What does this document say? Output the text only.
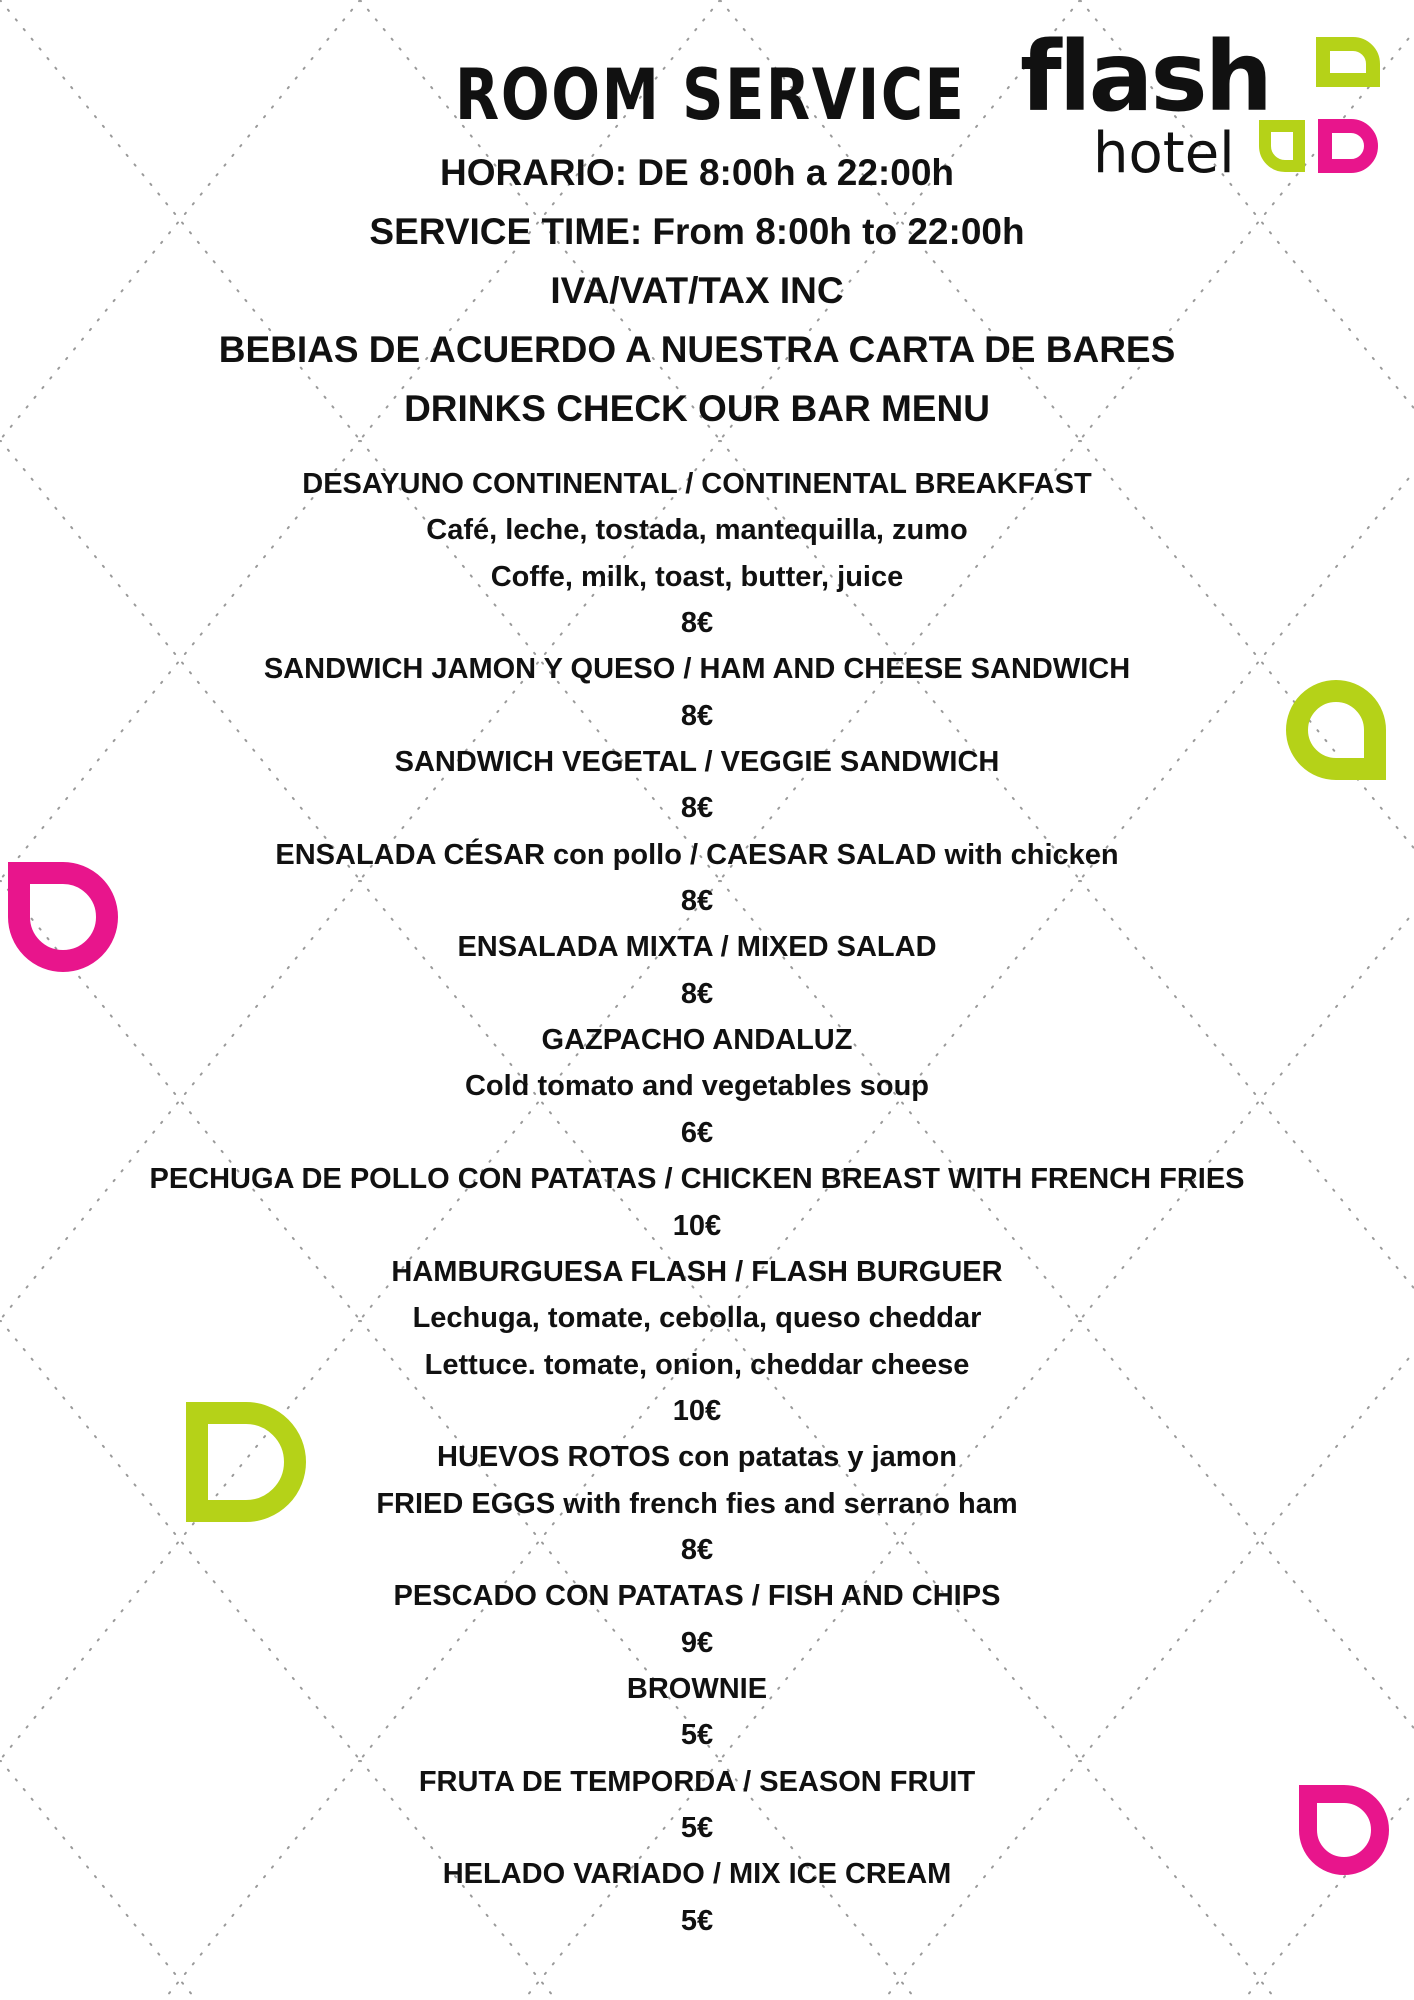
ROOM SERVICE flash
hotel
HORARIO: DE 8:00h a 22:00h
SERVICE TIME: From 8:00h to 22:00h
IVA/VAT/TAX INC
BEBIAS DE ACUERDO A NUESTRA CARTA DE BARES
DRINKS CHECK OUR BAR MENU
DESAYUNO CONTINENTAL / CONTINENTAL BREAKFAST
Café, leche, tostada, mantequilla, zumo
Coffe, milk, toast, butter, juice
8€
SANDWICH JAMON Y QUESO / HAM AND CHEESE SANDWICH
8€
SANDWICH VEGETAL / VEGGIE SANDWICH
8€
ENSALADA CÉSAR con pollo / CAESAR SALAD with chicken
8€
ENSALADA MIXTA / MIXED SALAD
8€
GAZPACHO ANDALUZ
Cold tomato and vegetables soup
6€
PECHUGA DE POLLO CON PATATAS / CHICKEN BREAST WITH FRENCH FRIES
10€
HAMBURGUESA FLASH / FLASH BURGUER
Lechuga, tomate, cebolla, queso cheddar
Lettuce. tomate, onion, cheddar cheese
10€
HUEVOS ROTOS con patatas y jamon
FRIED EGGS with french fies and serrano ham
8€
PESCADO CON PATATAS / FISH AND CHIPS
9€
BROWNIE
5€
FRUTA DE TEMPORDA / SEASON FRUIT
5€
HELADO VARIADO / MIX ICE CREAM
5€
